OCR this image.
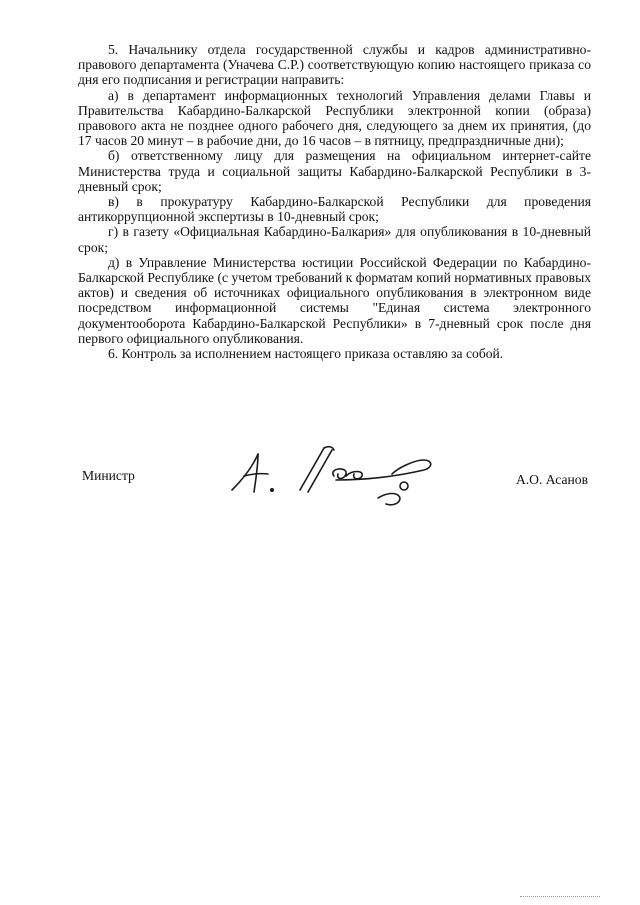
5. Начальнику отдела государственной службы и кадров административно-правового департамента (Уначева С.Р.) соответствующую копию настоящего приказа со дня его подписания и регистрации направить:

а) в департамент информационных технологий Управления делами Главы и Правительства Кабардино-Балкарской Республики электронной копии (образа) правового акта не позднее одного рабочего дня, следующего за днем их принятия, (до 17 часов 20 минут – в рабочие дни, до 16 часов – в пятницу, предпраздничные дни);

б) ответственному лицу для размещения на официальном интернет-сайте Министерства труда и социальной защиты Кабардино-Балкарской Республики в 3-дневный срок;

в) в прокуратуру Кабардино-Балкарской Республики для проведения антикоррупционной экспертизы в 10-дневный срок;

г) в газету «Официальная Кабардино-Балкария» для опубликования в 10-дневный срок;

д) в Управление Министерства юстиции Российской Федерации по Кабардино-Балкарской Республике (с учетом требований к форматам копий нормативных правовых актов) и сведения об источниках официального опубликования в электронном виде посредством информационной системы "Единая система электронного документооборота Кабардино-Балкарской Республики» в 7-дневный срок после дня первого официального опубликования.

6. Контроль за исполнением настоящего приказа оставляю за собой.

Министр	А.О. Асанов
